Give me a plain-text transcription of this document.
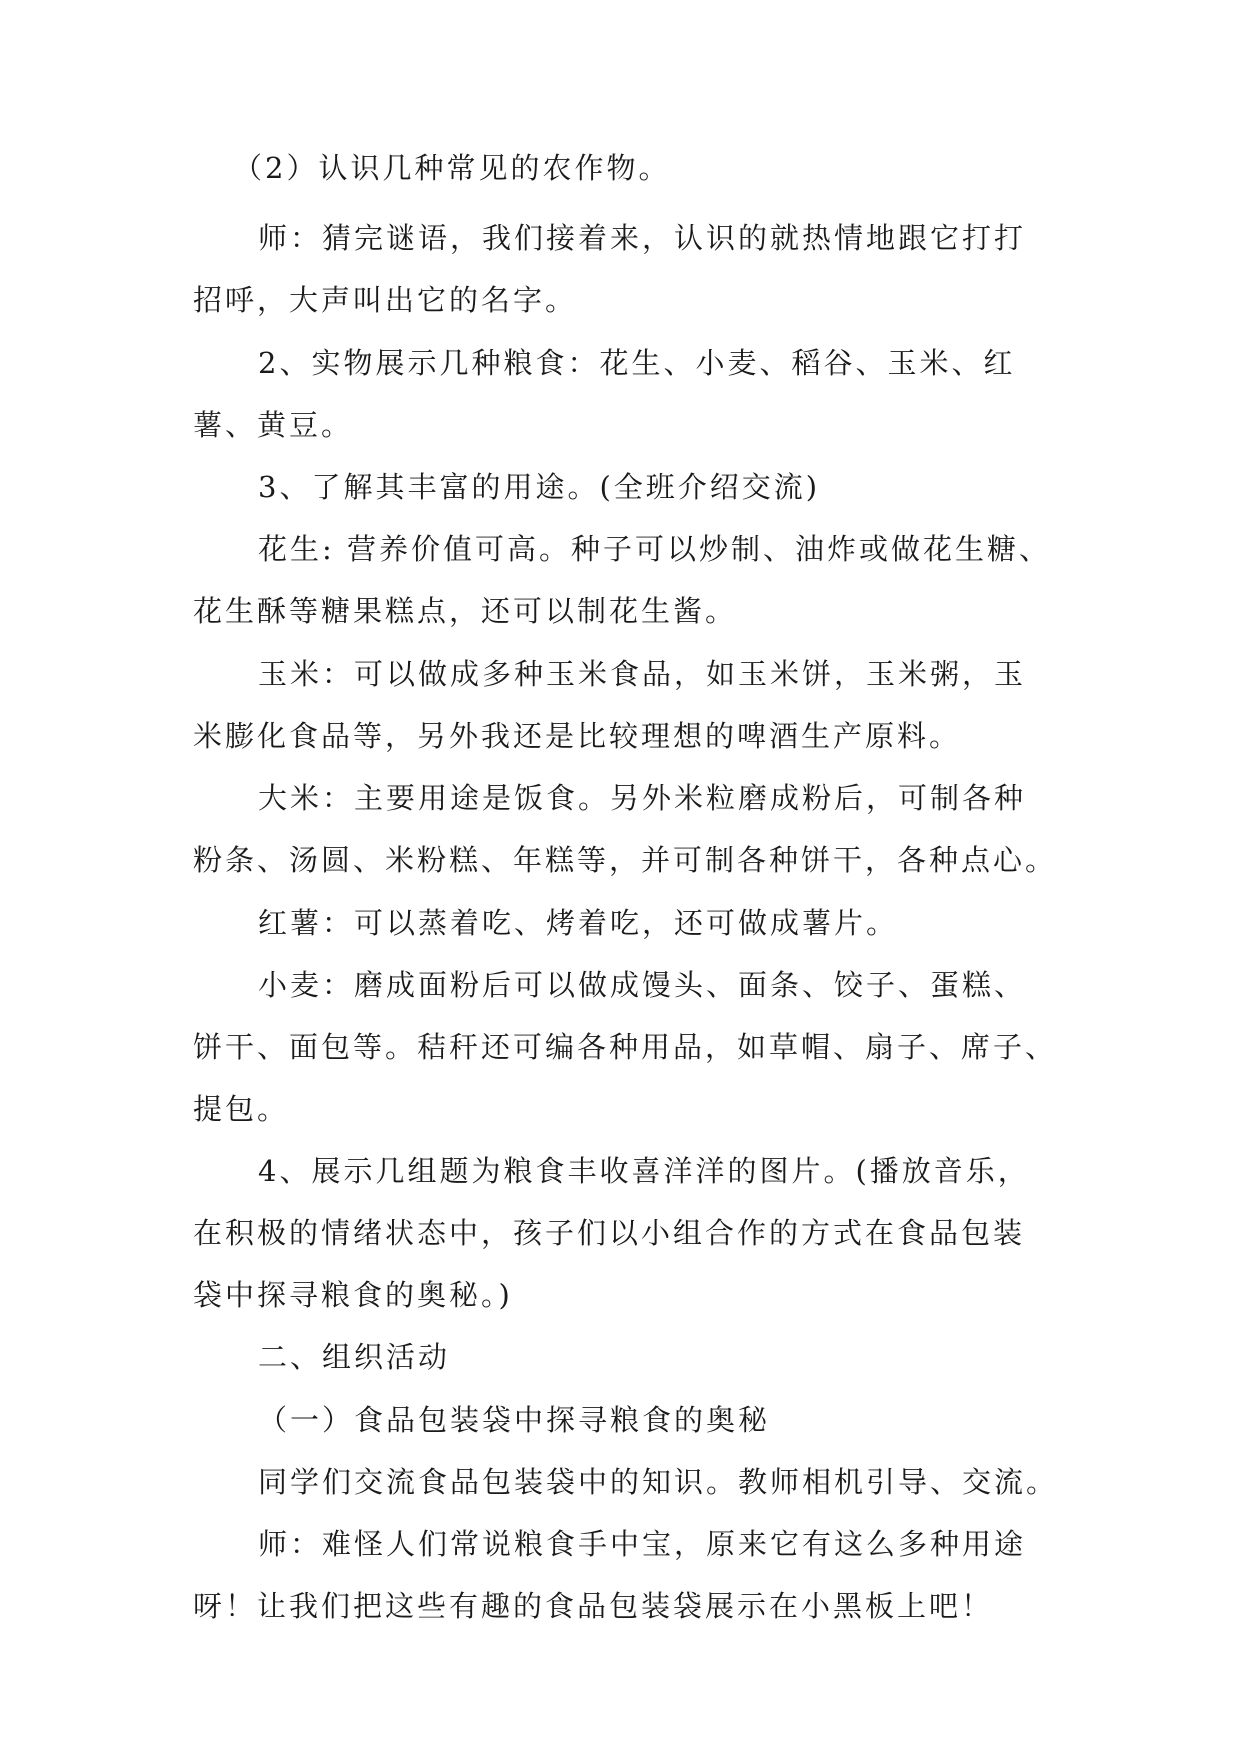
（2）认识几种常见的农作物。
师：猜完谜语，我们接着来，认识的就热情地跟它打打
招呼，大声叫出它的名字。
2、实物展示几种粮食：花生、小麦、稻谷、玉米、红
薯、黄豆。
3、了解其丰富的用途。(全班介绍交流)
花生: 营养价值可高。种子可以炒制、油炸或做花生糖、
花生酥等糖果糕点，还可以制花生酱。
玉米：可以做成多种玉米食品，如玉米饼，玉米粥，玉
米膨化食品等，另外我还是比较理想的啤酒生产原料。
大米：主要用途是饭食。另外米粒磨成粉后，可制各种
粉条、汤圆、米粉糕、年糕等，并可制各种饼干，各种点心。
红薯：可以蒸着吃、烤着吃，还可做成薯片。
小麦：磨成面粉后可以做成馒头、面条、饺子、蛋糕、
饼干、面包等。秸秆还可编各种用品，如草帽、扇子、席子、
提包。
4、展示几组题为粮食丰收喜洋洋的图片。(播放音乐，
在积极的情绪状态中，孩子们以小组合作的方式在食品包装
袋中探寻粮食的奥秘。)
二、组织活动
（一）食品包装袋中探寻粮食的奥秘
同学们交流食品包装袋中的知识。教师相机引导、交流。
师：难怪人们常说粮食手中宝，原来它有这么多种用途
呀！让我们把这些有趣的食品包装袋展示在小黑板上吧！
